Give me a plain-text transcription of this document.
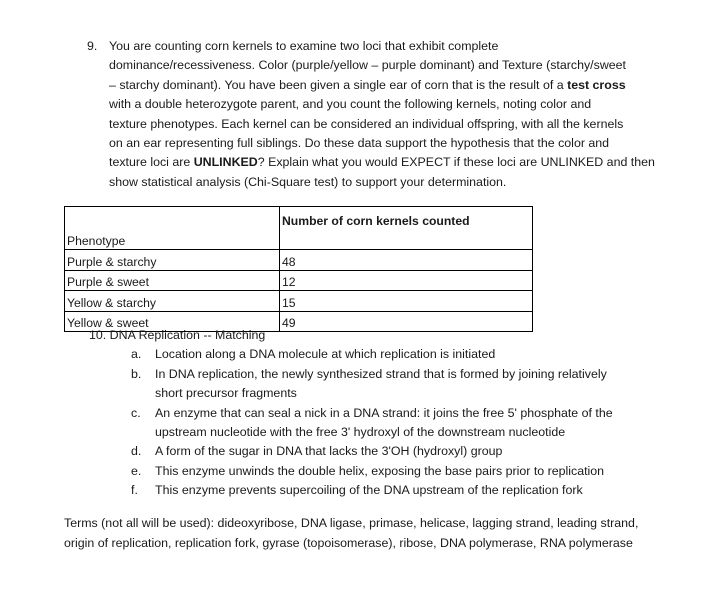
9. You are counting corn kernels to examine two loci that exhibit complete
dominance/recessiveness. Color (purple/yellow – purple dominant) and Texture (starchy/sweet
– starchy dominant). You have been given a single ear of corn that is the result of a test cross
with a double heterozygote parent, and you count the following kernels, noting color and
texture phenotypes. Each kernel can be considered an individual offspring, with all the kernels
on an ear representing full siblings. Do these data support the hypothesis that the color and
texture loci are UNLINKED? Explain what you would EXPECT if these loci are UNLINKED and then
show statistical analysis (Chi-Square test) to support your determination.
Phenotype	Number of corn kernels counted
Purple & starchy	48
Purple & sweet	12
Yellow & starchy	15
Yellow & sweet	49
10. DNA Replication -- Matching
a. Location along a DNA molecule at which replication is initiated
b. In DNA replication, the newly synthesized strand that is formed by joining relatively short precursor fragments
c. An enzyme that can seal a nick in a DNA strand: it joins the free 5' phosphate of the upstream nucleotide with the free 3' hydroxyl of the downstream nucleotide
d. A form of the sugar in DNA that lacks the 3'OH (hydroxyl) group
e. This enzyme unwinds the double helix, exposing the base pairs prior to replication
f. This enzyme prevents supercoiling of the DNA upstream of the replication fork
Terms (not all will be used): dideoxyribose, DNA ligase, primase, helicase, lagging strand, leading strand, origin of replication, replication fork, gyrase (topoisomerase), ribose, DNA polymerase, RNA polymerase
